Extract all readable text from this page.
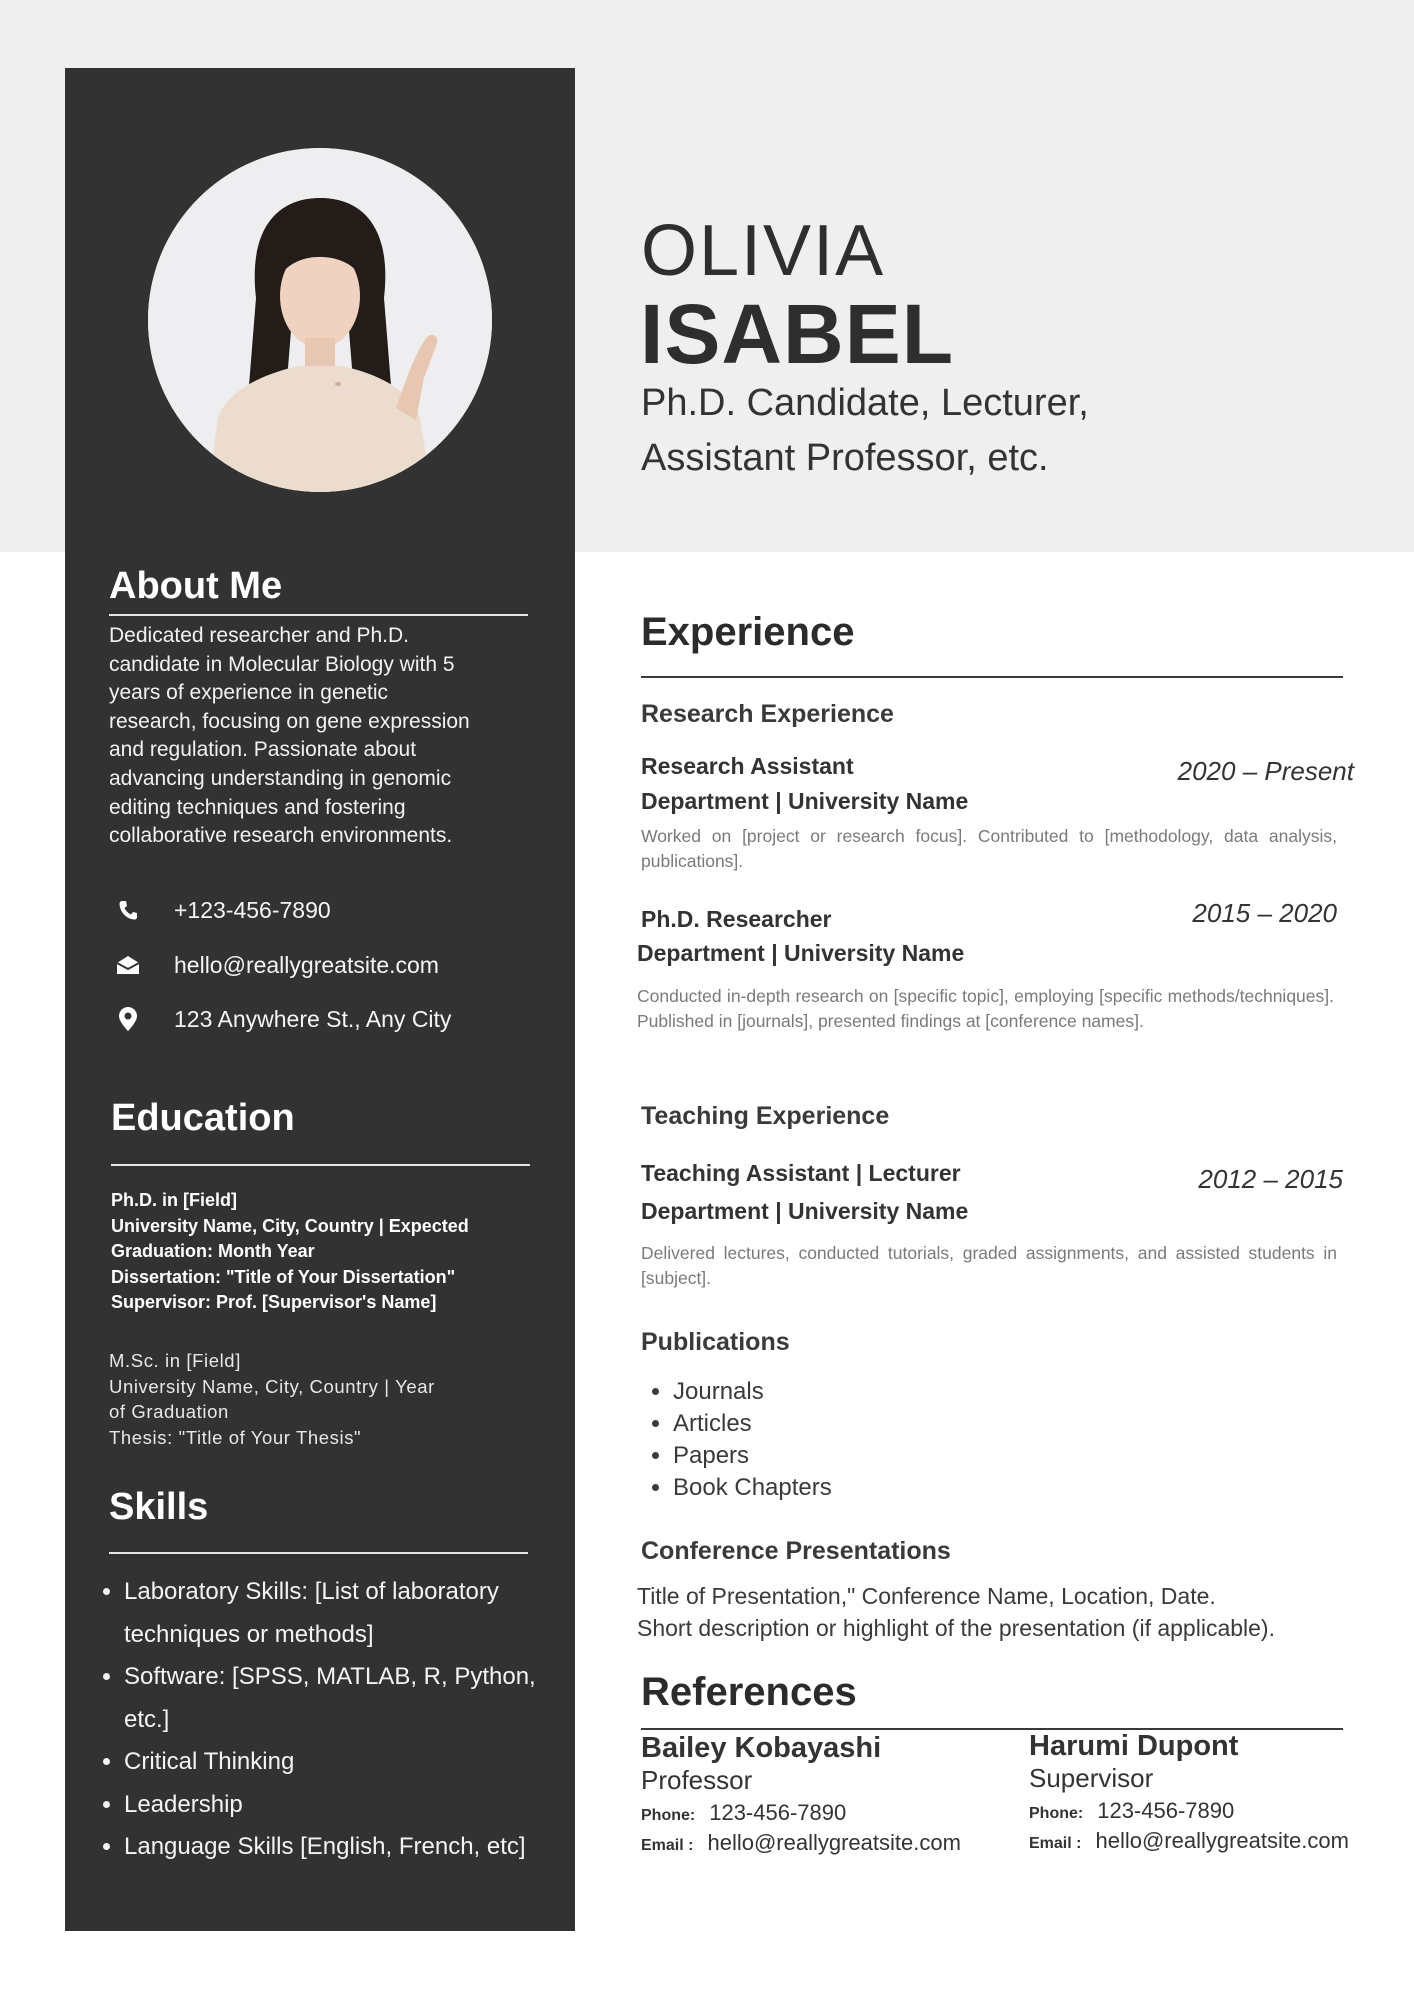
About Me
Dedicated researcher and Ph.D.
candidate in Molecular Biology with 5
years of experience in genetic
research, focusing on gene expression
and regulation. Passionate about
advancing understanding in genomic
editing techniques and fostering
collaborative research environments.
+123-456-7890
hello@reallygreatsite.com
123 Anywhere St., Any City
Education
Ph.D. in [Field]
University Name, City, Country | Expected
Graduation: Month Year
Dissertation: "Title of Your Dissertation"
Supervisor: Prof. [Supervisor's Name]
M.Sc. in [Field]
University Name, City, Country | Year
of Graduation
Thesis: "Title of Your Thesis"
Skills
• Laboratory Skills: [List of laboratory techniques or methods]
• Software: [SPSS, MATLAB, R, Python, etc.]
• Critical Thinking
• Leadership
• Language Skills [English, French, etc]
OLIVIA
ISABEL
Ph.D. Candidate, Lecturer,
Assistant Professor, etc.
Experience
Research Experience
Research Assistant	2020 – Present
Department | University Name
Worked on [project or research focus]. Contributed to [methodology, data analysis, publications].
Ph.D. Researcher	2015 – 2020
Department | University Name
Conducted in-depth research on [specific topic], employing [specific methods/techniques]. Published in [journals], presented findings at [conference names].
Teaching Experience
Teaching Assistant | Lecturer	2012 – 2015
Department | University Name
Delivered lectures, conducted tutorials, graded assignments, and assisted students in [subject].
Publications
• Journals
• Articles
• Papers
• Book Chapters
Conference Presentations
Title of Presentation," Conference Name, Location, Date.
Short description or highlight of the presentation (if applicable).
References
Bailey Kobayashi
Professor
Phone: 123-456-7890
Email : hello@reallygreatsite.com
Harumi Dupont
Supervisor
Phone: 123-456-7890
Email : hello@reallygreatsite.com
